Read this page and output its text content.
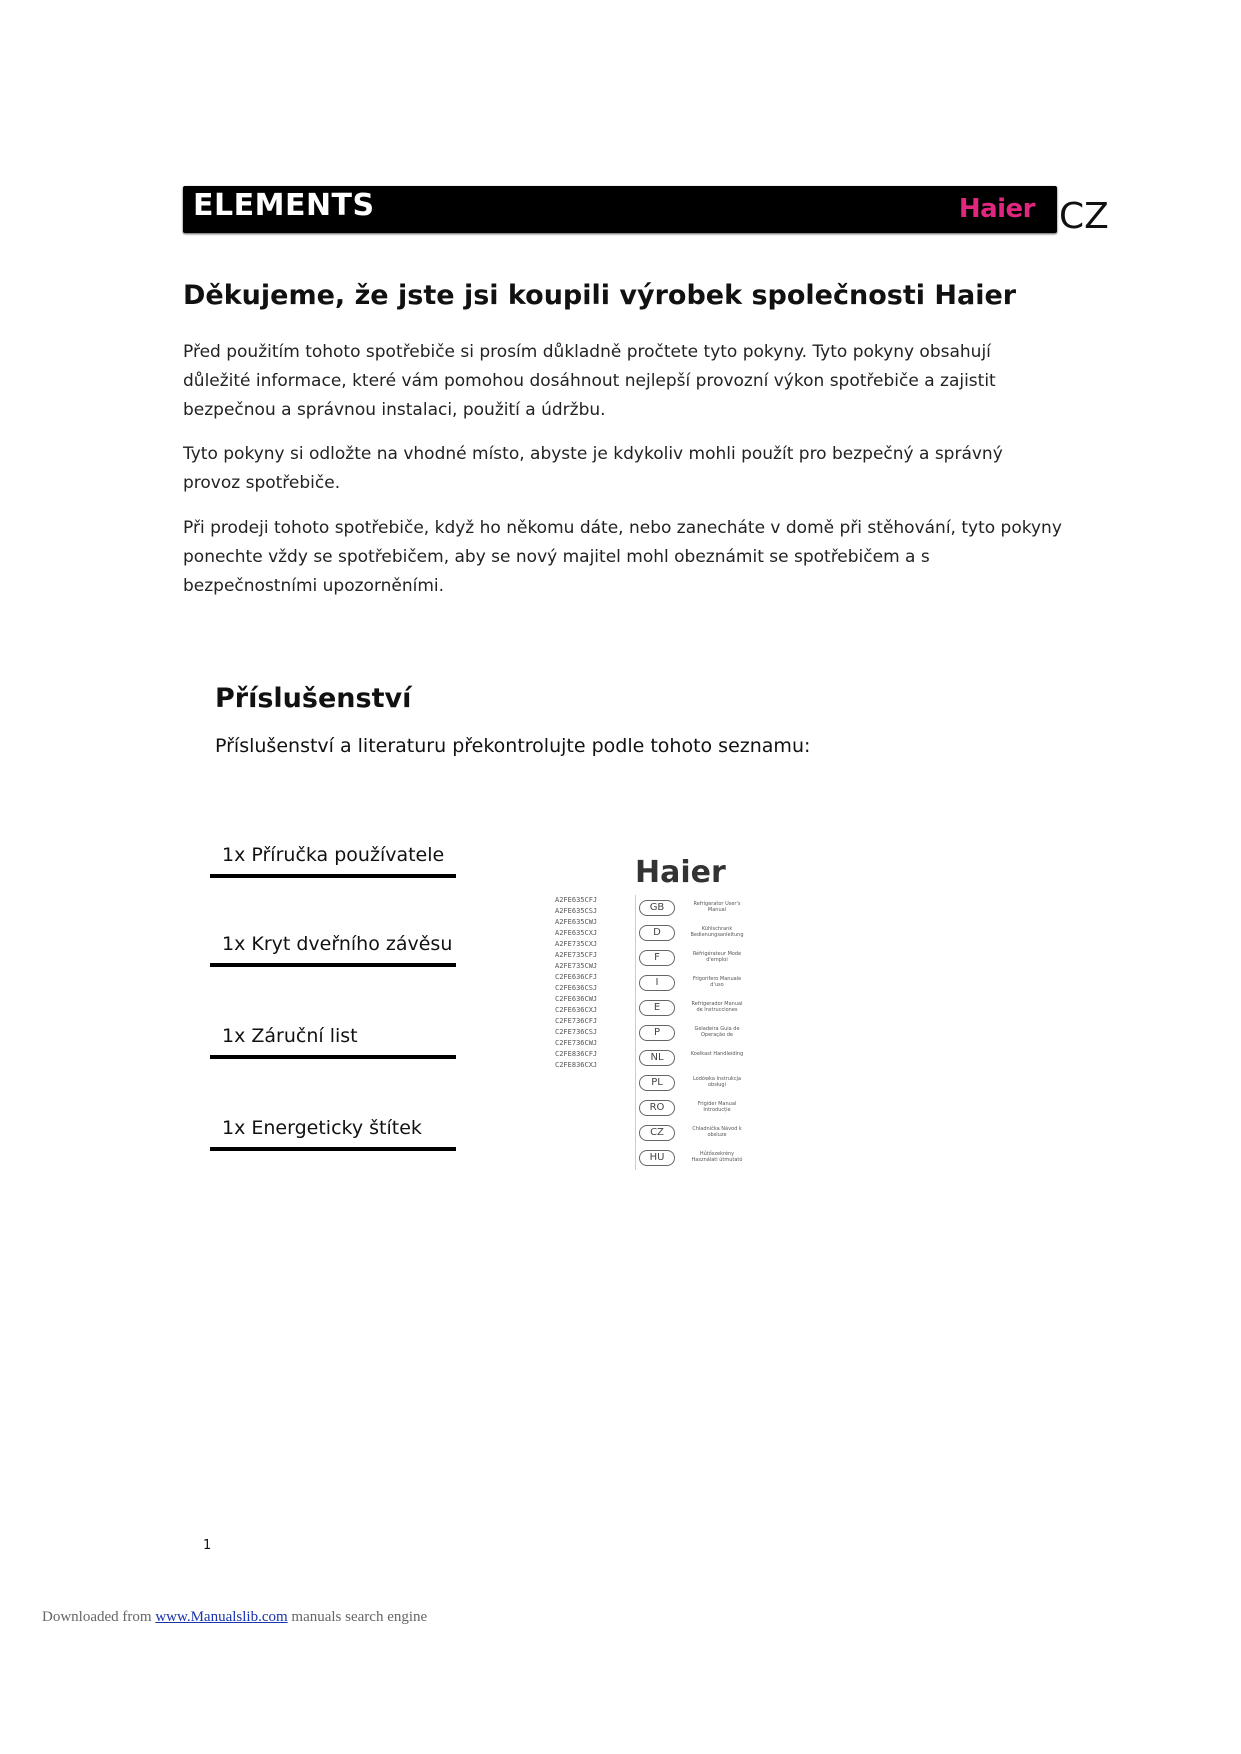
ELEMENTS	Haier CZ
Děkujeme, že jste jsi koupili výrobek společnosti Haier

Před použitím tohoto spotřebiče si prosím důkladně pročtete tyto pokyny. Tyto pokyny obsahují důležité informace, které vám pomohou dosáhnout nejlepší provozní výkon spotřebiče a zajistit bezpečnou a správnou instalaci, použití a údržbu.

Tyto pokyny si odložte na vhodné místo, abyste je kdykoliv mohli použít pro bezpečný a správný provoz spotřebiče.

Při prodeji tohoto spotřebiče, když ho někomu dáte, nebo zanecháte v domě při stěhování, tyto pokyny ponechte vždy se spotřebičem, aby se nový majitel mohl obeznámit se spotřebičem a s bezpečnostními upozorněními.

Příslušenství
Příslušenství a literaturu překontrolujte podle tohoto seznamu:
1x Příručka používatele
1x Kryt dveřního závěsu
1x Záruční list
1x Energeticky štítek
Haier
A2FE635CFJ
A2FE635CSJ
A2FE635CWJ
A2FE635CXJ
A2FE735CXJ
A2FE735CFJ
A2FE735CWJ
C2FE636CFJ
C2FE636CSJ
C2FE636CWJ
C2FE636CXJ
C2FE736CFJ
C2FE736CSJ
C2FE736CWJ
C2FE836CFJ
C2FE836CXJ
GB	Refrigerator User's Manual
D	Kühlschrank Bedienungsanleitung
F	Réfrigérateur Mode d'emploi
I	Frigorifero Manuale d'uso
E	Refrigerador Manual de Instrucciones
P	Geladeira Guia de Operação de
NL	Koelkast Handleiding
PL	Lodówka Instrukcja obsługi
RO	Frigider Manual Introducție
CZ	Chladnička Návod k obsluze
HU	Hűtőszekrény Használati útmutató
1
Downloaded from www.Manualslib.com manuals search engine
